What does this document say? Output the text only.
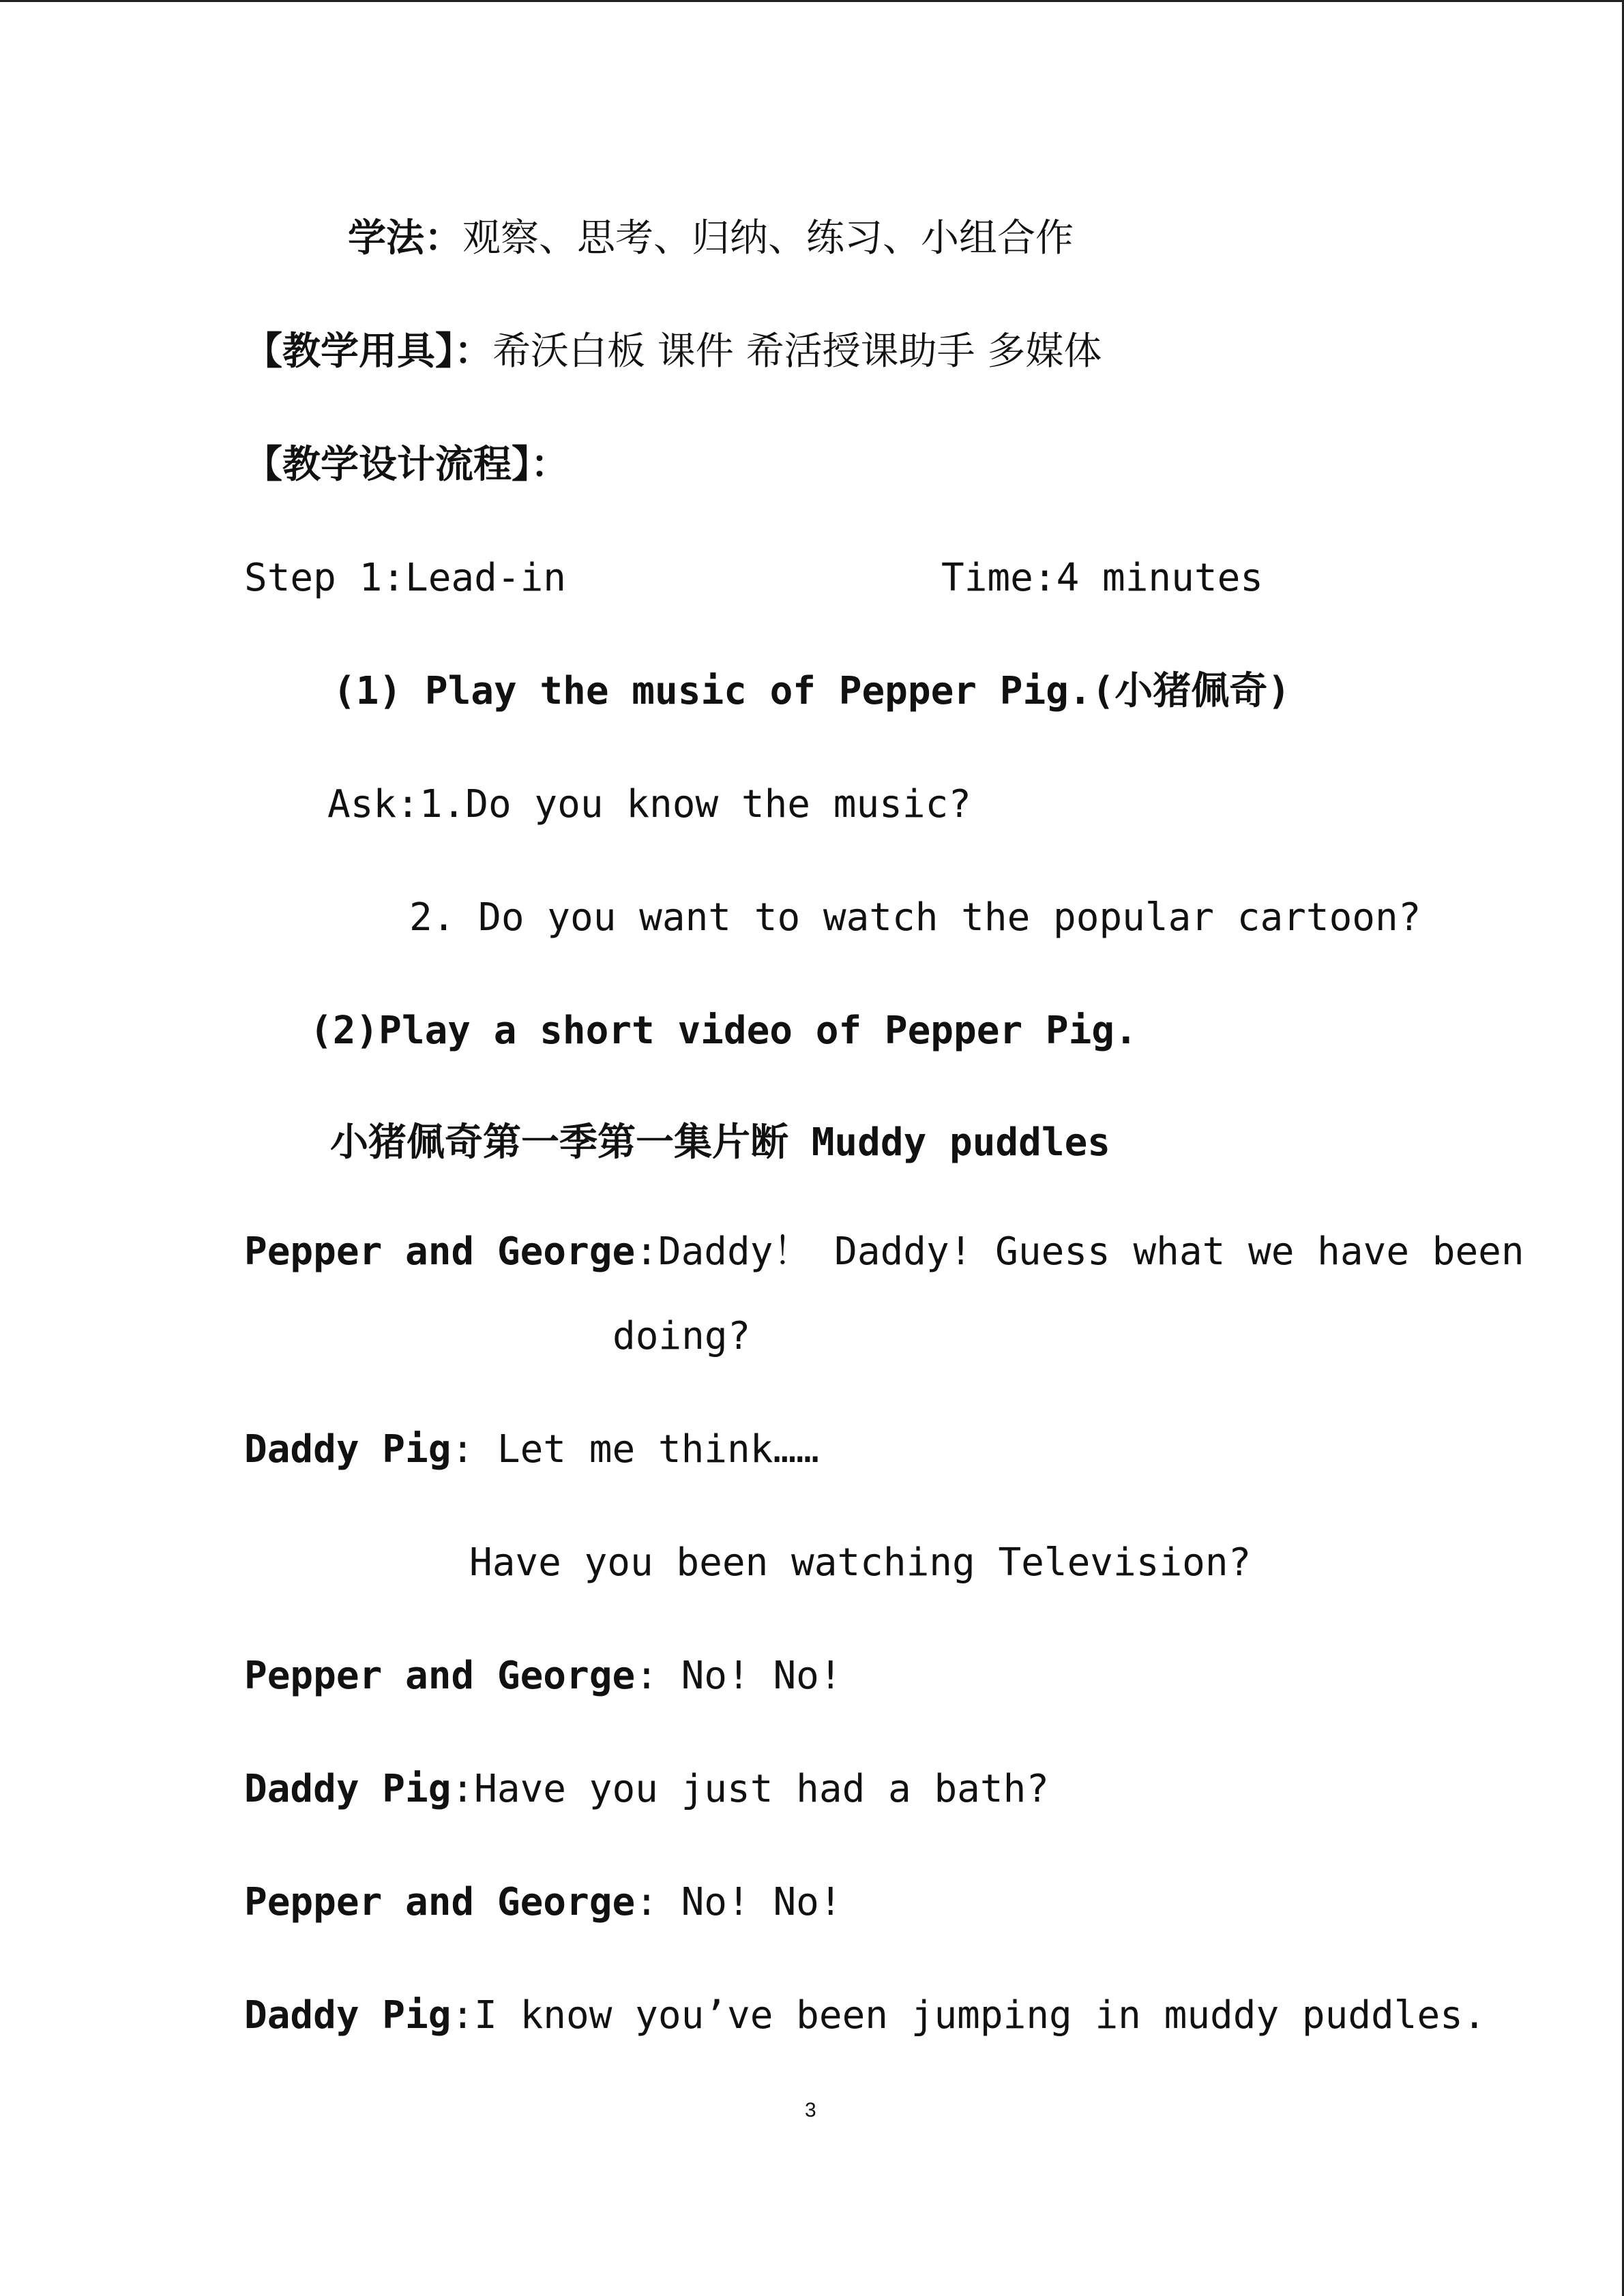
学法：观察、思考、归纳、练习、小组合作
【教学用具】：希沃白板 课件 希活授课助手 多媒体
【教学设计流程】：
Step 1:Lead-in	Time:4 minutes
(1) Play the music of Pepper Pig.(小猪佩奇)
Ask:1.Do you know the music?
2. Do you want to watch the popular cartoon?
(2)Play a short video of Pepper Pig.
小猪佩奇第一季第一集片断 Muddy puddles
Pepper and George:Daddy！ Daddy! Guess what we have been
doing?
Daddy Pig: Let me think……
Have you been watching Television?
Pepper and George: No! No!
Daddy Pig:Have you just had a bath?
Pepper and George: No! No!
Daddy Pig:I know you’ve been jumping in muddy puddles.
3
